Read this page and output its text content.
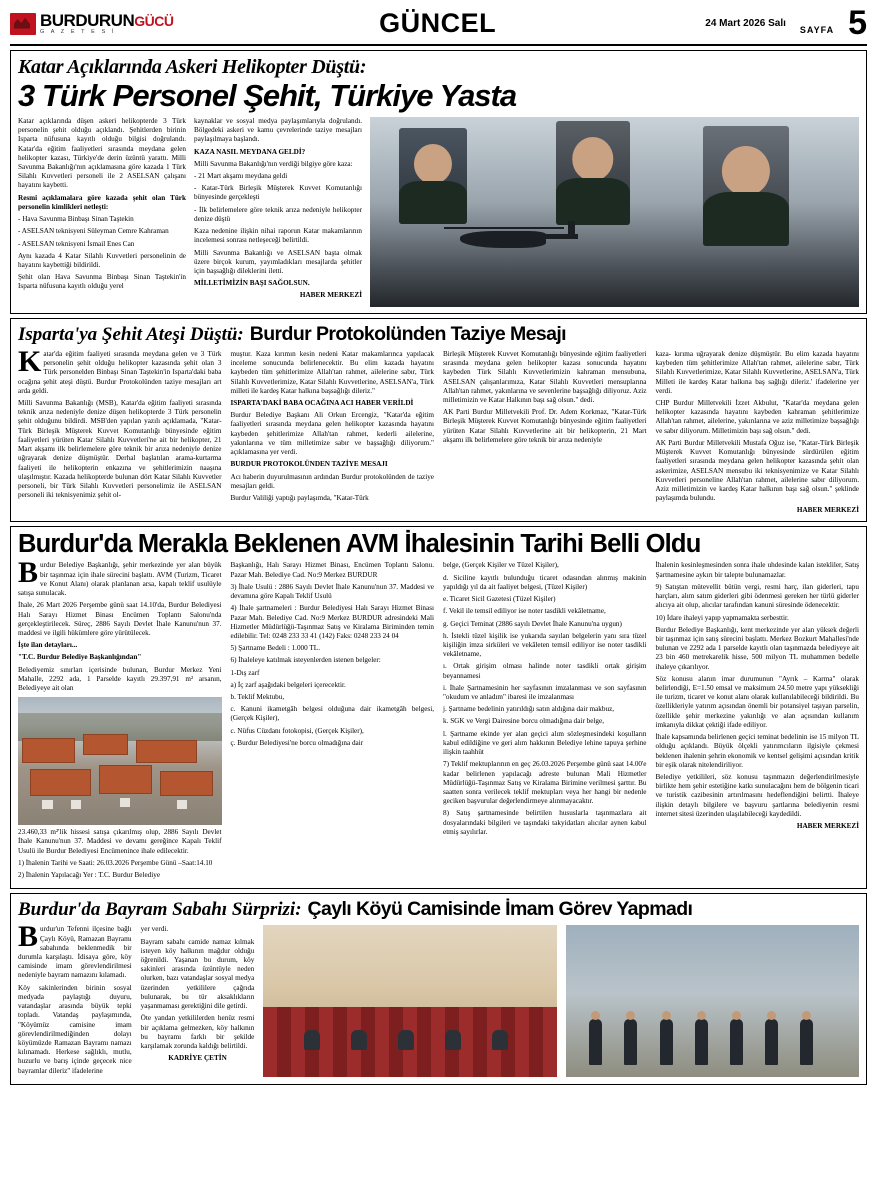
BURDURUNGÜCÜ
G A Z E T E S İ	GÜNCEL	24 Mart 2026 Salı
SAYFA 5
Katar Açıklarında Askeri Helikopter Düştü:
3 Türk Personel Şehit, Türkiye Yasta

Katar açıklarında düşen askeri helikopterde 3 Türk personelin şehit olduğu açıklandı. Şehitlerden birinin Isparta nüfusuna kayıtlı olduğu bilgisi doğrulandı. Katar'da eğitim faaliyetleri sırasında meydana gelen helikopter kazası, Türkiye'de derin üzüntü yarattı. Milli Savunma Bakanlığı'nın açıklamasına göre kazada 1 Türk Silahlı Kuvvetleri personeli ile 2 ASELSAN çalışanı hayatını kaybetti.

Resmi açıklamalara göre kazada şehit olan Türk personelin kimlikleri netleşti:

- Hava Savunma Binbaşı Sinan Taştekin

- ASELSAN teknisyeni Süleyman Cemre Kahraman

- ASELSAN teknisyeni İsmail Enes Can

Aynı kazada 4 Katar Silahlı Kuvvetleri personelinin de hayatını kaybettiği bildirildi.

Şehit olan Hava Savunma Binbaşı Sinan Taştekin'in Isparta nüfusuna kayıtlı olduğu yerel

kaynaklar ve sosyal medya paylaşımlarıyla doğrulandı. Bölgedeki askeri ve kamu çevrelerinde taziye mesajları paylaşılmaya başlandı.

KAZA NASIL MEYDANA GELDİ?

Milli Savunma Bakanlığı'nın verdiği bilgiye göre kaza:

- 21 Mart akşamı meydana geldi

- Katar-Türk Birleşik Müşterek Kuvvet Komutanlığı bünyesinde gerçekleşti

- İlk belirlemelere göre teknik arıza nedeniyle helikopter denize düştü

Kaza nedenine ilişkin nihai raporun Katar makamlarının incelemesi sonrası netleşeceği belirtildi.

Milli Savunma Bakanlığı ve ASELSAN başta olmak üzere birçok kurum, yayımladıkları mesajlarda şehitler için başsağlığı dileklerini iletti.

MİLLETİMİZİN BAŞI SAĞOLSUN.

HABER MERKEZİ
Isparta'ya Şehit Ateşi Düştü: Burdur Protokolünden Taziye Mesajı

Katar'da eğitim faaliyeti sırasında meydana gelen ve 3 Türk personelin şehit olduğu helikopter kazasında şehit olan 3 Türk personelden Binbaşı Sinan Taştekin'in Isparta'daki baba ocağına şehit ateşi düştü. Burdur Protokolünden taziye mesajları art arda geldi.

Milli Savunma Bakanlığı (MSB), Katar'da eğitim faaliyeti sırasında teknik arıza nedeniyle denize düşen helikopterde 3 Türk personelin şehit olduğunu bildirdi. MSB'den yapılan yazılı açıklamada, "Katar-Türk Birleşik Müşterek Kuvvet Komutanlığı bünyesinde eğitim faaliyetleri yürüten Katar Silahlı Kuvvetleri'ne ait bir helikopter, 21 Mart akşamı ilk belirlemelere göre teknik bir arıza nedeniyle denize uğrayarak denize düşmüştür. Derhal başlatılan arama-kurtarma faaliyeti ile helikopterin enkazına ve şehitlerimizin naaşına ulaşılmıştır. Kazada helikopterde bulunan dört Katar Silahlı Kuvvetler personeli, bir Türk Silahlı Kuvvetleri personelimiz ile ASELSAN personeli iki teknisyenimiz şehit ol-

muştur. Kaza kırımın kesin nedeni Katar makamlarınca yapılacak inceleme sonucunda belirlenecektir. Bu elim kazada hayatını kaybeden tüm şehitlerimize Allah'tan rahmet, ailelerine sabır, Türk Silahlı Kuvvetlerimize, Katar Silahlı Kuvvetlerine, ASELSAN'a, Türk milleti ile kardeş Katar halkına başsağlığı dileriz."

ISPARTA'DAKİ BABA OCAĞINA ACI HABER VERİLDİ

Burdur Belediye Başkanı Ali Orkun Ercengiz, "Katar'da eğitim faaliyetleri sırasında meydana gelen helikopter kazasında hayatını kaybeden şehitlerimize Allah'tan rahmet, kederli ailelerine, yakınlarına ve tüm milletimize sabır ve başsağlığı diliyorum." açıklamasına yer verdi.

BURDUR PROTOKOLÜNDEN TAZİYE MESAJI

Acı haberin duyurulmasının ardından Burdur protokolünden de taziye mesajları geldi.

Burdur Valiliği yaptığı paylaşımda, "Katar-Türk

Birleşik Müşterek Kuvvet Komutanlığı bünyesinde eğitim faaliyetleri sırasında meydana gelen helikopter kazası sonucunda hayatını kaybeden Türk Silahlı Kuvvetlerimizin kahraman mensubuna, ASELSAN çalışanlarımıza, Katar Silahlı Kuvvetleri mensuplarına Allah'tan rahmet, yakınlarına ve sevenlerine başsağlığı diliyoruz. Aziz milletimizin ve Katar Halkının başı sağ olsun." dedi.

AK Parti Burdur Milletvekili Prof. Dr. Adem Korkmaz, "Katar-Türk Birleşik Müşterek Kuvvet Komutanlığı bünyesinde eğitim faaliyetleri yürüten Katar Silahlı Kuvvetlerine ait bir helikopterin, 21 Mart akşamı ilk belirlemelere göre teknik bir arıza nedeniyle

kaza- kırıma uğrayarak denize düşmüştür. Bu elim kazada hayatını kaybeden tüm şehitlerimize Allah'tan rahmet, ailelerine sabır, Türk Silahlı Kuvvetlerimize, Katar Silahlı Kuvvetlerine, ASELSAN'a, Türk Milleti ile kardeş Katar halkına baş sağlığı dileriz.' ifadelerine yer verdi.

CHP Burdur Milletvekili İzzet Akbulut, "Katar'da meydana gelen helikopter kazasında hayatını kaybeden kahraman şehitlerimize Allah'tan rahmet, ailelerine, yakınlarına ve aziz milletimize başsağlığı ve sabır diliyorum. Milletimizin başı sağ olsun." dedi.

AK Parti Burdur Milletvekili Mustafa Oğuz ise, "Katar-Türk Birleşik Müşterek Kuvvet Komutanlığı bünyesinde sürdürülen eğitim faaliyetleri sırasında meydana gelen helikopter kazasında şehit olan askerimize, ASELSAN mensubu iki teknisyenimize ve Katar Silahlı Kuvvetleri personeline Allah'tan rahmet, ailelerine sabır diliyorum. Aziz milletimizin ve kardeş Katar halkının başı sağ olsun." şeklinde paylaşımda bulundu.

HABER MERKEZİ
Burdur'da Merakla Beklenen AVM İhalesinin Tarihi Belli Oldu

Burdur Belediye Başkanlığı, şehir merkezinde yer alan büyük bir taşınmaz için ihale sürecini başlattı. AVM (Turizm, Ticaret ve Konut Alanı) olarak planlanan arsa, kapalı teklif usulüyle satışa sunulacak.

İhale, 26 Mart 2026 Perşembe günü saat 14.10'da, Burdur Belediyesi Halı Sarayı Hizmet Binası Encümen Toplantı Salonu'nda gerçekleştirilecek. Süreç, 2886 Sayılı Devlet İhale Kanunu'nun 37. maddesi ve ilgili hükümlere göre yürütülecek.

İşte ilan detayları...

"T.C. Burdur Belediye Başkanlığından"

Belediyemiz sınırları içerisinde bulunan, Burdur Merkez Yeni Mahalle, 2292 ada, 1 Parselde kayıtlı 29.397,91 m² arsanın, Belediyeye ait olan

23.460,33 m²'lik hissesi satışa çıkarılmış olup, 2886 Sayılı Devlet İhale Kanunu'nun 37. Maddesi ve devamı gereğince Kapalı Teklif Usulü ile Burdur Belediyesi Encümenince ihale edilecektir.

1) İhalenin Tarihi ve Saati: 26.03.2026 Perşembe Günü –Saat:14.10

2) İhalenin Yapılacağı Yer : T.C. Burdur Belediye

Başkanlığı, Halı Sarayı Hizmet Binası, Encümen Toplantı Salonu. Pazar Mah. Belediye Cad. No:9 Merkez BURDUR

3) İhale Usulü : 2886 Sayılı Devlet İhale Kanunu'nun 37. Maddesi ve devamına göre Kapalı Teklif Usulü

4) İhale şartnameleri : Burdur Belediyesi Halı Sarayı Hizmet Binası Pazar Mah. Belediye Cad. No:9 Merkez BURDUR adresindeki Mali Hizmetler Müdürlüğü-Taşınmaz Satış ve Kiralama Biriminden temin edilebilir. Tel: 0248 233 33 41 (142) Faks: 0248 233 24 04

5) Şartname Bedeli : 1.000 TL.

6) İhaleleye katılmak isteyenlerden istenen belgeler:

1-Dış zarf

a) İç zarf aşağıdaki belgeleri içerecektir.

b. Teklif Mektubu,

c. Kanuni ikametgâh belgesi olduğuna dair ikametgâh belgesi, (Gerçek Kişiler),

c. Nüfus Cüzdanı fotokopisi, (Gerçek Kişiler),

ç. Burdur Belediyesi'ne borcu olmadığına dair

belge, (Gerçek Kişiler ve Tüzel Kişiler),

d. Siciline kayıtlı bulunduğu ticaret odasından alınmış makinin yapıldığı yıl da ait faaliyet belgesi, (Tüzel Kişiler)

e. Ticaret Sicil Gazetesi (Tüzel Kişiler)

f. Vekil ile temsil ediliyor ise noter tasdikli vekâletname,

g. Geçici Teminat (2886 sayılı Devlet İhale Kanunu'na uygun)

h. İstekli tüzel kişilik ise yukarıda sayılan belgelerin yanı sıra tüzel kişiliğin imza sirküleri ve vekâleten temsil ediliyor ise noter tasdikli vekâletname,

ı. Ortak girişim olması halinde noter tasdikli ortak girişim beyannamesi

i. İhale Şartnamesinin her sayfasının imzalanması ve son sayfasının "okudum ve anladım" ibaresi ile imzalanması

j. Şartname bedelinin yatırıldığı satın aldığına dair makbuz,

k. SGK ve Vergi Dairesine borcu olmadığına dair belge,

l. Şartname ekinde yer alan geçici alım sözleşmesindeki koşulların kabul edildiğine ve geri alım hakkının Belediye lehine tapuya şerhine ilişkin taahhüt

7) Teklif mektuplarının en geç 26.03.2026 Perşembe günü saat 14.00'e kadar belirlenen yapılacağı adreste bulunan Mali Hizmetler Müdürlüğü-Taşınmaz Satış ve Kiralama Birimine verilmesi şarttır. Bu saatten sonra verilecek teklif mektupları veya her hangi bir nedenle geciken başvurular değerlendirmeye alınmayacaktır.

8) Satış şartnamesinde belirtilen hususlarla taşınmazlara ait dosyalarındaki bilgileri ve taşındaki takyidatları alıcılar aynen kabul etmiş sayılırlar.

İhalenin kesinleşmesinden sonra ihale uhdesinde kalan istekliler, Satış Şartnamesine aykırı bir talepte bulunamazlar.

9) Satıştan mütevellit bütün vergi, resmi harç, ilan giderleri, tapu harçları, alım satım giderleri gibi ödenmesi gereken her türlü giderler alıcıya ait olup, alıcılar tarafından kanuni süresinde ödenecektir.

10) İdare ihaleyi yapıp yapmamakta serbesttir.

Burdur Belediye Başkanlığı, kent merkezinde yer alan yüksek değerli bir taşınmaz için satış sürecini başlattı. Merkez Bozkurt Mahallesi'nde bulunan ve 2292 ada 1 parselde kayıtlı olan taşınmazda belediyeye ait 23 bin 460 metrekarelik hisse, 500 milyon TL muhammen bedelle ihaleye çıkarılıyor.

Söz konusu alanın imar durumunun "Ayrık – Karma" olarak belirlendiği, E=1.50 emsal ve maksimum 24.50 metre yapı yüksekliği ile turizm, ticaret ve konut alanı olarak kullanılabileceği bildirildi. Bu özellikleriyle yatırım açısından önemli bir potansiyel taşıyan parselin, özellikle şehir merkezine yakınlığı ve alan açısından kullanım imkanıyla dikkat çektiği ifade ediliyor.

İhale kapsamında belirlenen geçici teminat bedelinin ise 15 milyon TL olduğu açıklandı. Büyük ölçekli yatırımcıların ilgisiyle çekmesi beklenen ihalenin şehrin ekonomik ve kentsel gelişimi açısından kritik bir eşik olarak nitelendiriliyor.

Belediye yetkilileri, söz konusu taşınmazın değerlendirilmesiyle birlikte hem şehir estetiğine katkı sunulacağını hem de bölgenin ticari ve turistik cazibesinin artırılmasını hedeflendiğini belirtti. İhaleye ilişkin detaylı bilgilere ve başvuru şartlarına belediyenin resmi internet sitesi üzerinden ulaşılabileceği kaydedildi.

HABER MERKEZİ
Burdur'da Bayram Sabahı Sürprizi: Çaylı Köyü Camisinde İmam Görev Yapmadı

Burdur'un Tefenni ilçesine bağlı Çaylı Köyü, Ramazan Bayramı sabahında beklenmedik bir durumla karşılaştı. İdisaya göre, köy camisinde imam görevlendirilmesi nedeniyle bayram namazını kılamadı.

Köy sakinlerinden birinin sosyal medyada paylaştığı duyuru, vatandaşlar arasında büyük tepki topladı. Vatandaş paylaşımında, "Köyümüz camisine imam görevlendirilmediğinden dolayı köyümüzde Ramazan Bayramı namazı kılınamadı. Herkese sağlıklı, mutlu, huzurlu ve barış içinde geçecek nice bayramlar dileriz" ifadelerine

yer verdi.

Bayram sabahı camide namaz kılmak isteyen köy halkının mağdur olduğu öğrenildi. Yaşanan bu durum, köy sakinleri arasında üzüntüyle neden olurken, bazı vatandaşlar sosyal medya üzerinden yetkililere çağrıda bulunarak, bu tür aksaklıkların yaşanmaması gerektiğini dile getirdi.

Öte yandan yetkililerden henüz resmi bir açıklama gelmezken, köy halkının bu bayramı farklı bir şekilde karşılamak zorunda kaldığı belirtildi.

KADRİYE ÇETİN
